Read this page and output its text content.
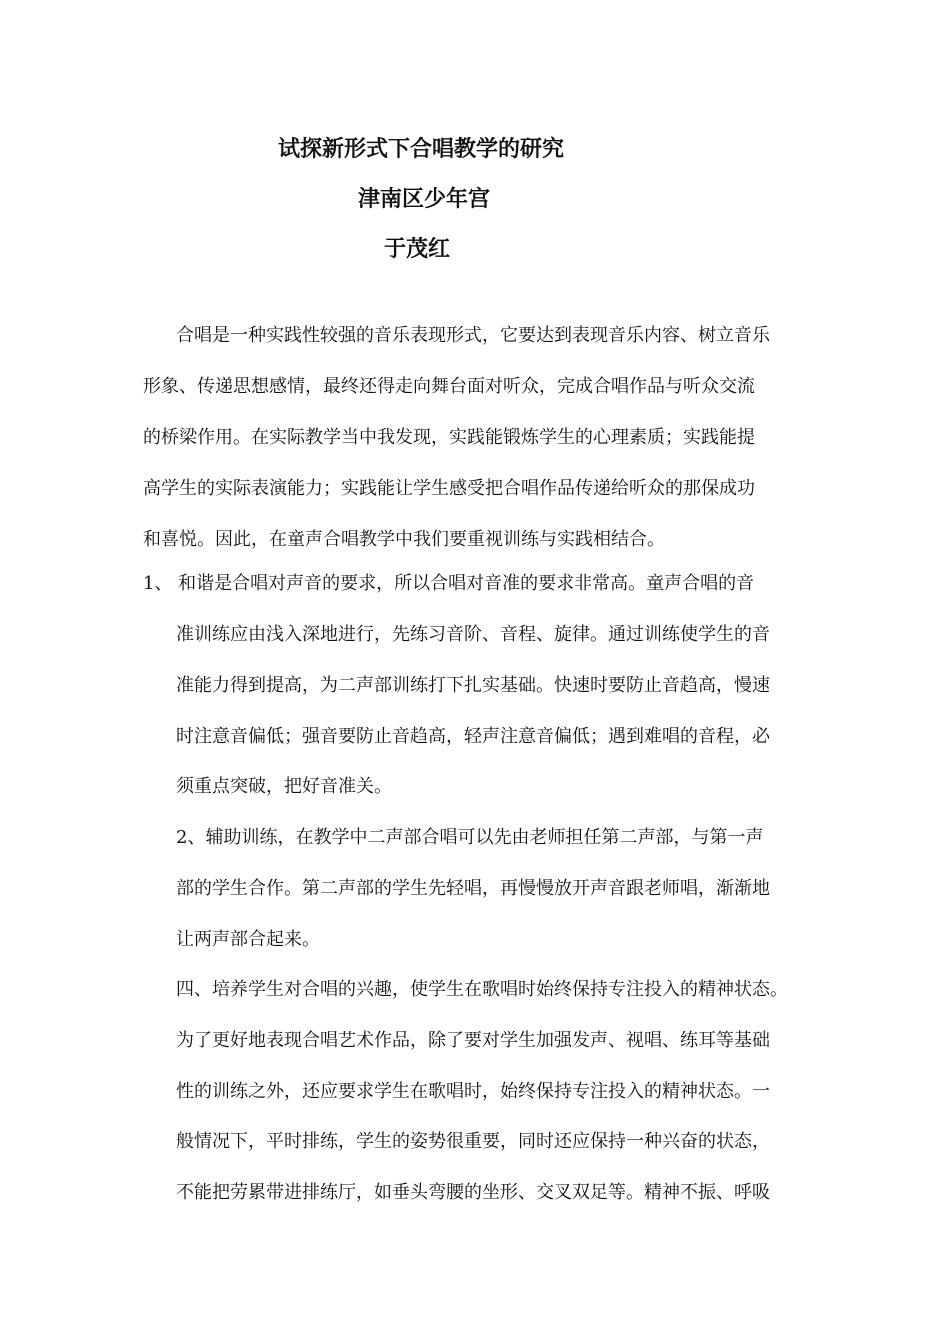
试探新形式下合唱教学的研究
津南区少年宫
于茂红
合唱是一种实践性较强的音乐表现形式，它要达到表现音乐内容、树立音乐
形象、传递思想感情，最终还得走向舞台面对听众，完成合唱作品与听众交流
的桥梁作用。在实际教学当中我发现，实践能锻炼学生的心理素质；实践能提
高学生的实际表演能力；实践能让学生感受把合唱作品传递给听众的那保成功
和喜悦。因此，在童声合唱教学中我们要重视训练与实践相结合。
1、 和谐是合唱对声音的要求，所以合唱对音准的要求非常高。童声合唱的音
准训练应由浅入深地进行，先练习音阶、音程、旋律。通过训练使学生的音
准能力得到提高，为二声部训练打下扎实基础。快速时要防止音趋高，慢速
时注意音偏低；强音要防止音趋高，轻声注意音偏低；遇到难唱的音程，必
须重点突破，把好音准关。
2、辅助训练，在教学中二声部合唱可以先由老师担任第二声部，与第一声
部的学生合作。第二声部的学生先轻唱，再慢慢放开声音跟老师唱，渐渐地
让两声部合起来。
四、培养学生对合唱的兴趣，使学生在歌唱时始终保持专注投入的精神状态。
为了更好地表现合唱艺术作品，除了要对学生加强发声、视唱、练耳等基础
性的训练之外，还应要求学生在歌唱时，始终保持专注投入的精神状态。一
般情况下，平时排练，学生的姿势很重要，同时还应保持一种兴奋的状态，
不能把劳累带进排练厅，如垂头弯腰的坐形、交叉双足等。精神不振、呼吸
